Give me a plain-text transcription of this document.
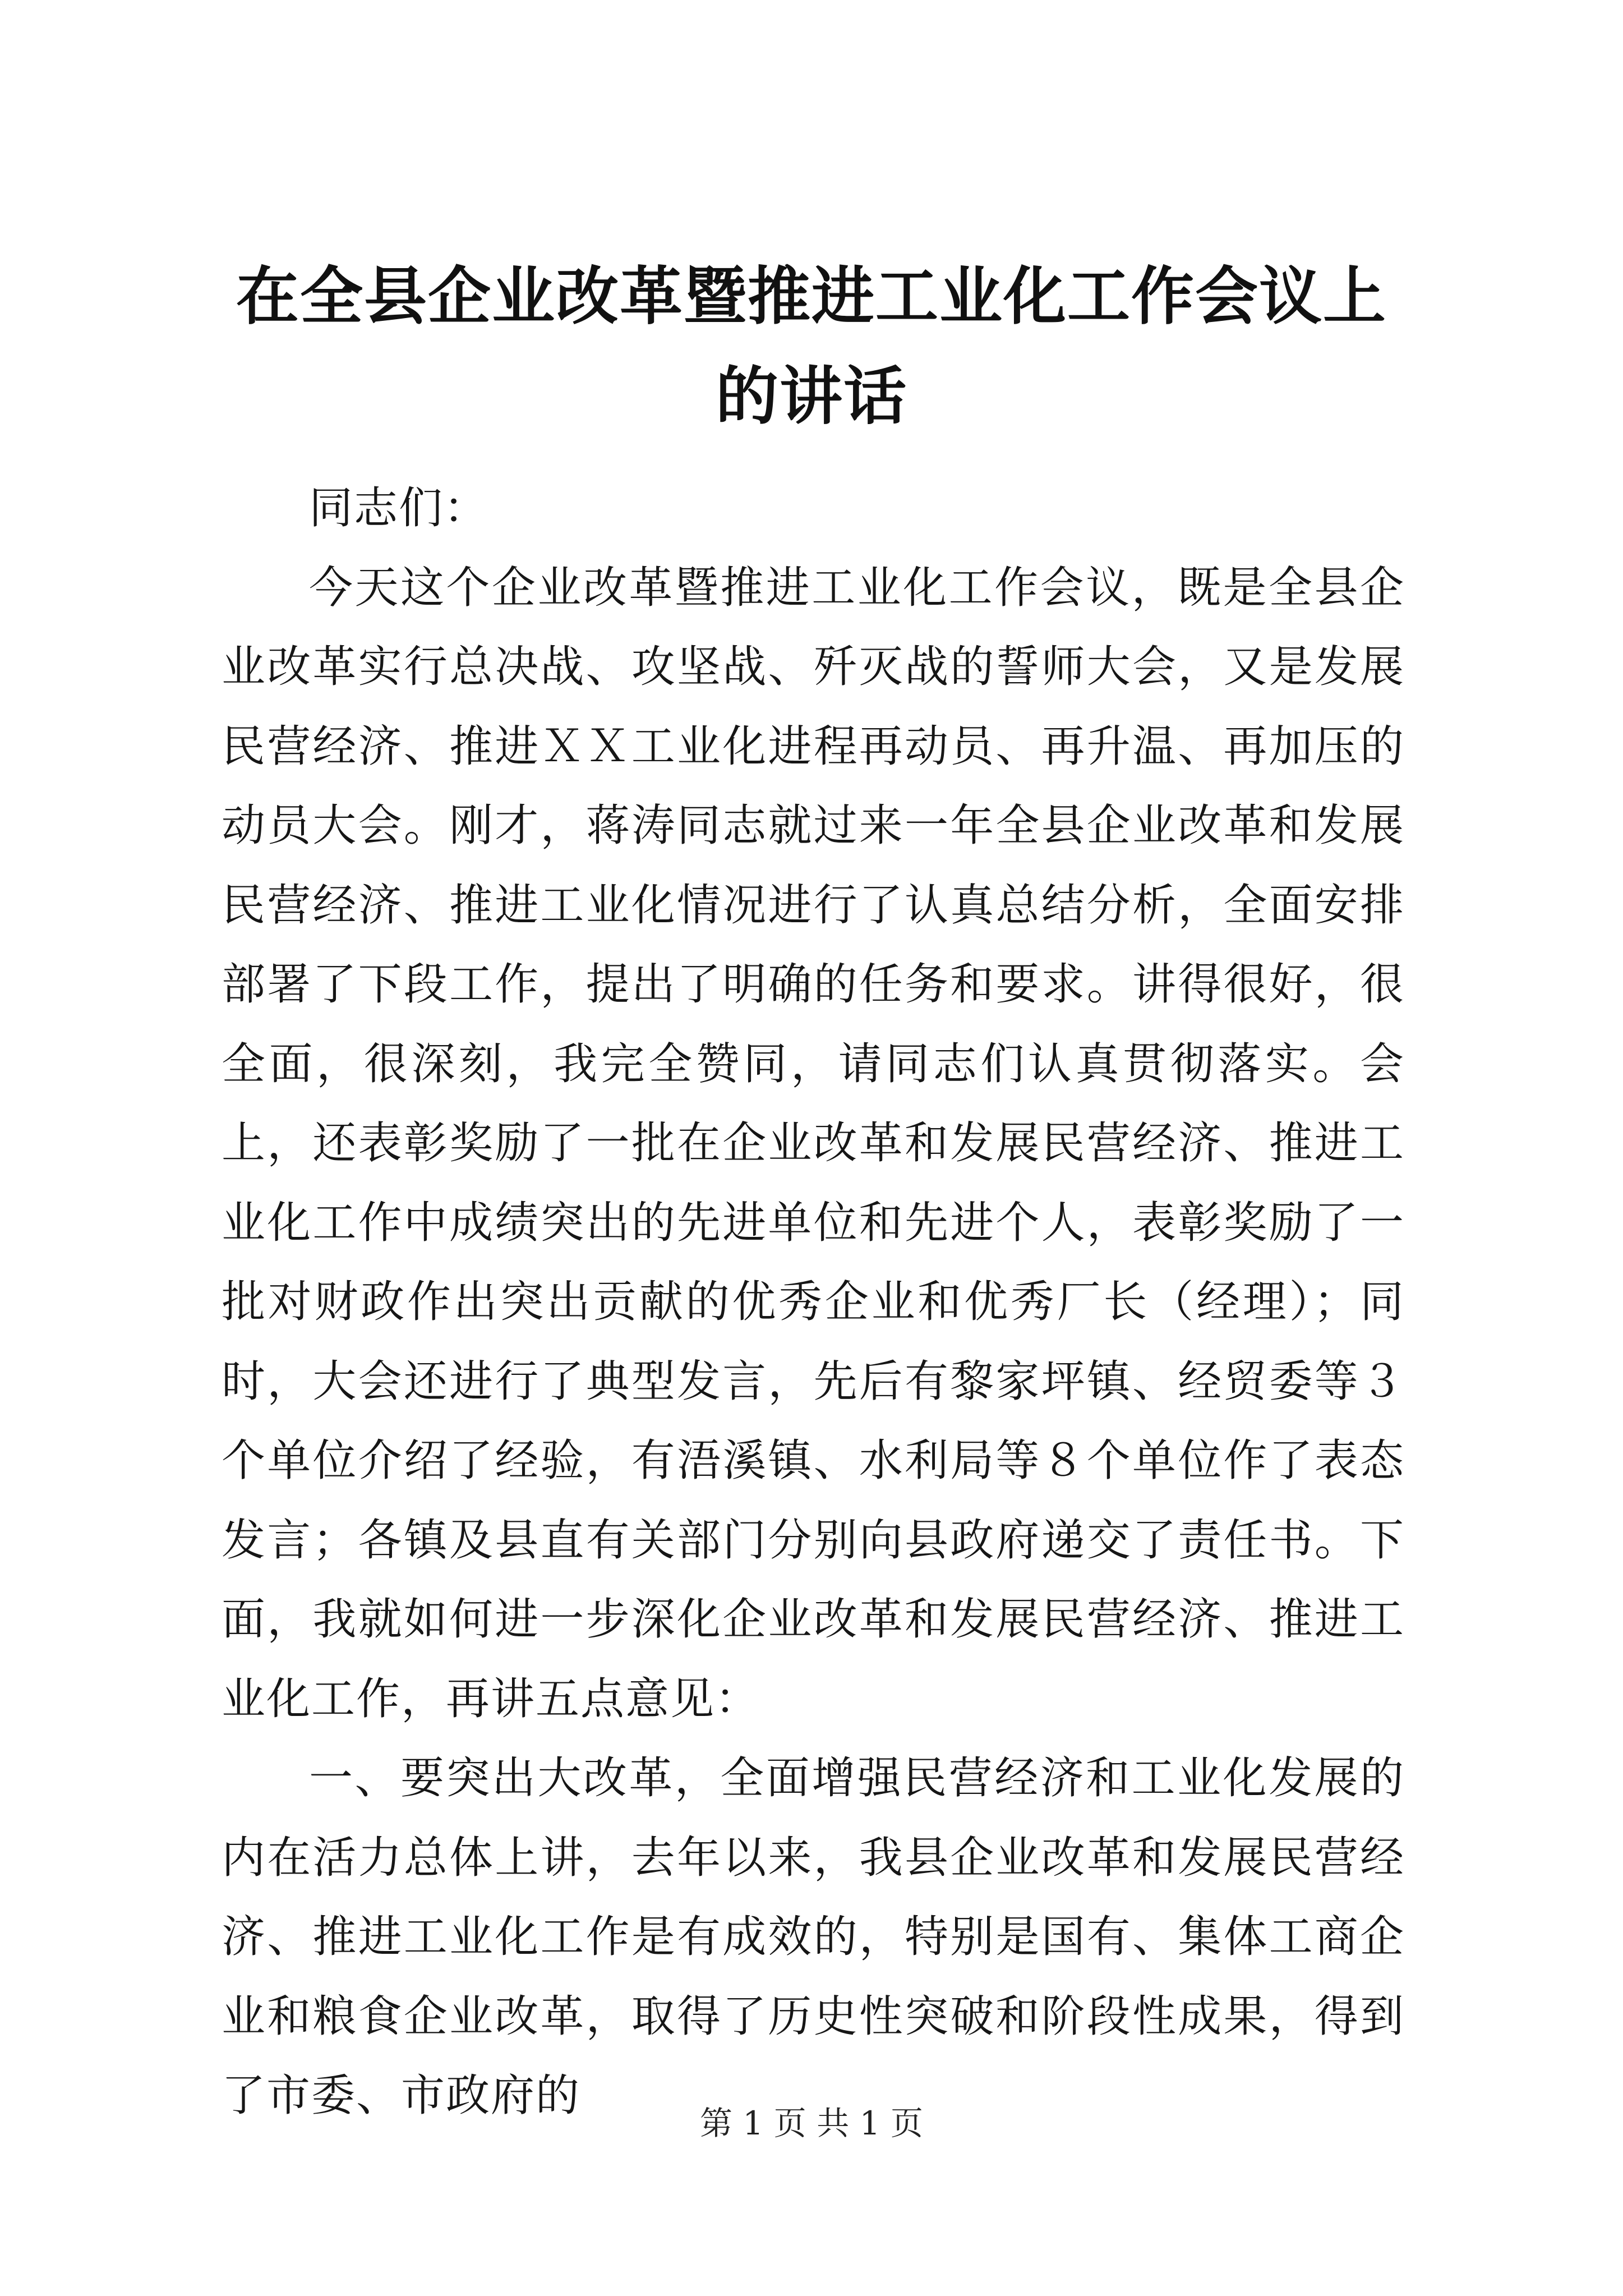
在全县企业改革暨推进工业化工作会议上的讲话

同志们：

今天这个企业改革暨推进工业化工作会议，既是全县企业改革实行总决战、攻坚战、歼灭战的誓师大会，又是发展民营经济、推进ＸＸ工业化进程再动员、再升温、再加压的动员大会。刚才，蒋涛同志就过来一年全县企业改革和发展民营经济、推进工业化情况进行了认真总结分析，全面安排部署了下段工作，提出了明确的任务和要求。讲得很好，很全面，很深刻，我完全赞同，请同志们认真贯彻落实。会上，还表彰奖励了一批在企业改革和发展民营经济、推进工业化工作中成绩突出的先进单位和先进个人，表彰奖励了一批对财政作出突出贡献的优秀企业和优秀厂长（经理）；同时，大会还进行了典型发言，先后有黎家坪镇、经贸委等３个单位介绍了经验，有浯溪镇、水利局等８个单位作了表态发言；各镇及县直有关部门分别向县政府递交了责任书。下面，我就如何进一步深化企业改革和发展民营经济、推进工业化工作，再讲五点意见：

一、要突出大改革，全面增强民营经济和工业化发展的内在活力总体上讲，去年以来，我县企业改革和发展民营经济、推进工业化工作是有成效的，特别是国有、集体工商企业和粮食企业改革，取得了历史性突破和阶段性成果，得到了市委、市政府的

第 1 页 共 1 页
